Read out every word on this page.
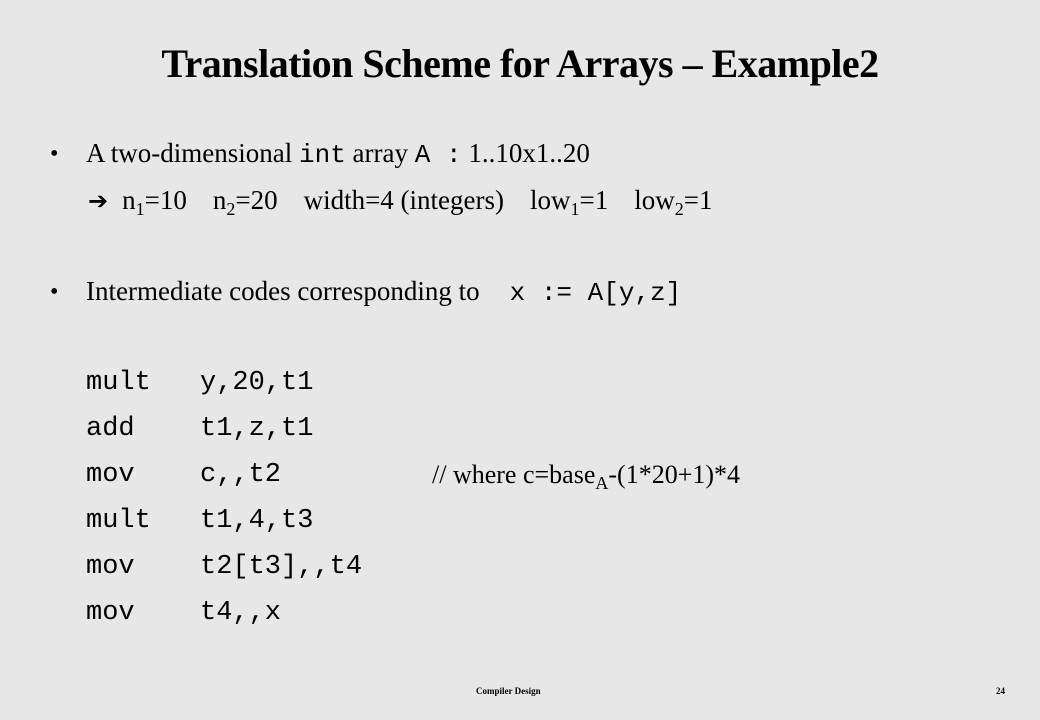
Translation Scheme for Arrays – Example2
• A two-dimensional int array A : 1..10x1..20
➔ $n_1=10$ $n_2=20$ width=4 (integers) low$_1$=1 low$_2$=1
• Intermediate codes corresponding to x := A[y,z]
mult y,20,t1
add t1,z,t1
mov c,,t2
mult t1,4,t3
mov t2[t3],,t4
mov t4,,x
// where c=base$_A$-(1*20+1)*4
Compiler Design	24
